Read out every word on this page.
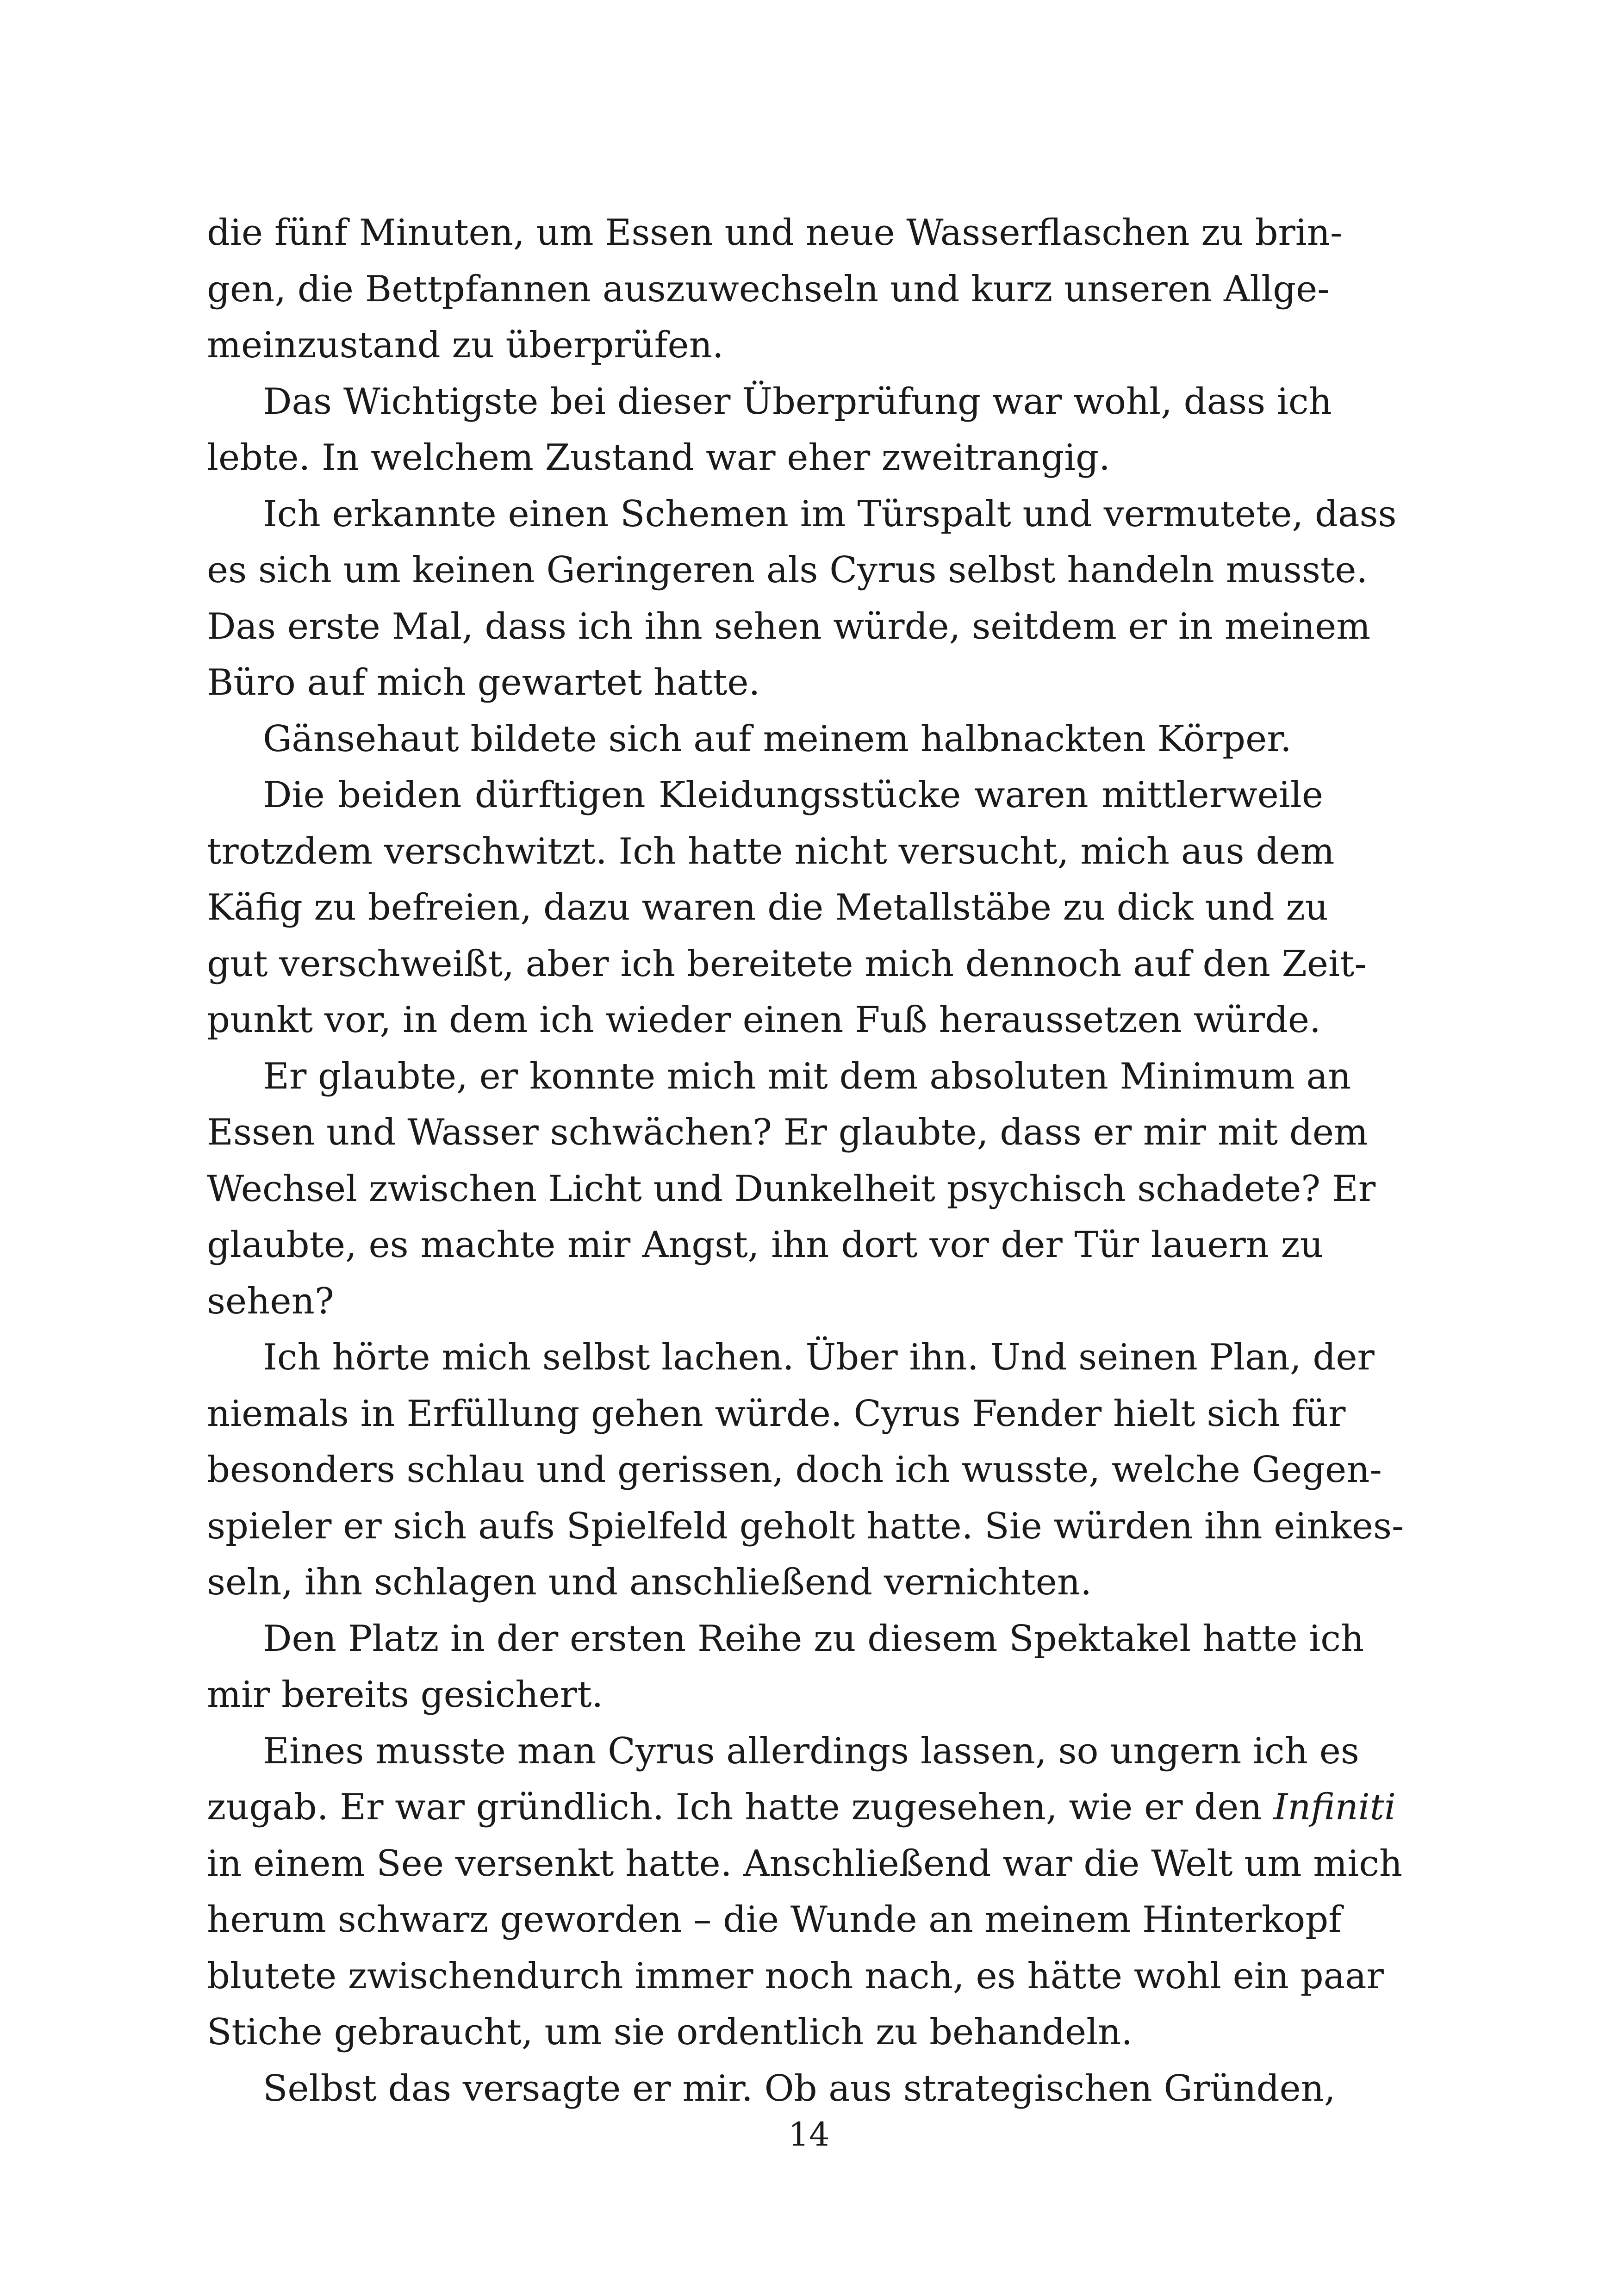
die fünf Minuten, um Essen und neue Wasserflaschen zu brin-
gen, die Bettpfannen auszuwechseln und kurz unseren Allge-
meinzustand zu überprüfen.
Das Wichtigste bei dieser Überprüfung war wohl, dass ich
lebte. In welchem Zustand war eher zweitrangig.
Ich erkannte einen Schemen im Türspalt und vermutete, dass
es sich um keinen Geringeren als Cyrus selbst handeln musste.
Das erste Mal, dass ich ihn sehen würde, seitdem er in meinem
Büro auf mich gewartet hatte.
Gänsehaut bildete sich auf meinem halbnackten Körper.
Die beiden dürftigen Kleidungsstücke waren mittlerweile
trotzdem verschwitzt. Ich hatte nicht versucht, mich aus dem
Käfig zu befreien, dazu waren die Metallstäbe zu dick und zu
gut verschweißt, aber ich bereitete mich dennoch auf den Zeit-
punkt vor, in dem ich wieder einen Fuß heraussetzen würde.
Er glaubte, er konnte mich mit dem absoluten Minimum an
Essen und Wasser schwächen? Er glaubte, dass er mir mit dem
Wechsel zwischen Licht und Dunkelheit psychisch schadete? Er
glaubte, es machte mir Angst, ihn dort vor der Tür lauern zu
sehen?
Ich hörte mich selbst lachen. Über ihn. Und seinen Plan, der
niemals in Erfüllung gehen würde. Cyrus Fender hielt sich für
besonders schlau und gerissen, doch ich wusste, welche Gegen-
spieler er sich aufs Spielfeld geholt hatte. Sie würden ihn einkes-
seln, ihn schlagen und anschließend vernichten.
Den Platz in der ersten Reihe zu diesem Spektakel hatte ich
mir bereits gesichert.
Eines musste man Cyrus allerdings lassen, so ungern ich es
zugab. Er war gründlich. Ich hatte zugesehen, wie er den Infiniti
in einem See versenkt hatte. Anschließend war die Welt um mich
herum schwarz geworden – die Wunde an meinem Hinterkopf
blutete zwischendurch immer noch nach, es hätte wohl ein paar
Stiche gebraucht, um sie ordentlich zu behandeln.
Selbst das versagte er mir. Ob aus strategischen Gründen,
14
